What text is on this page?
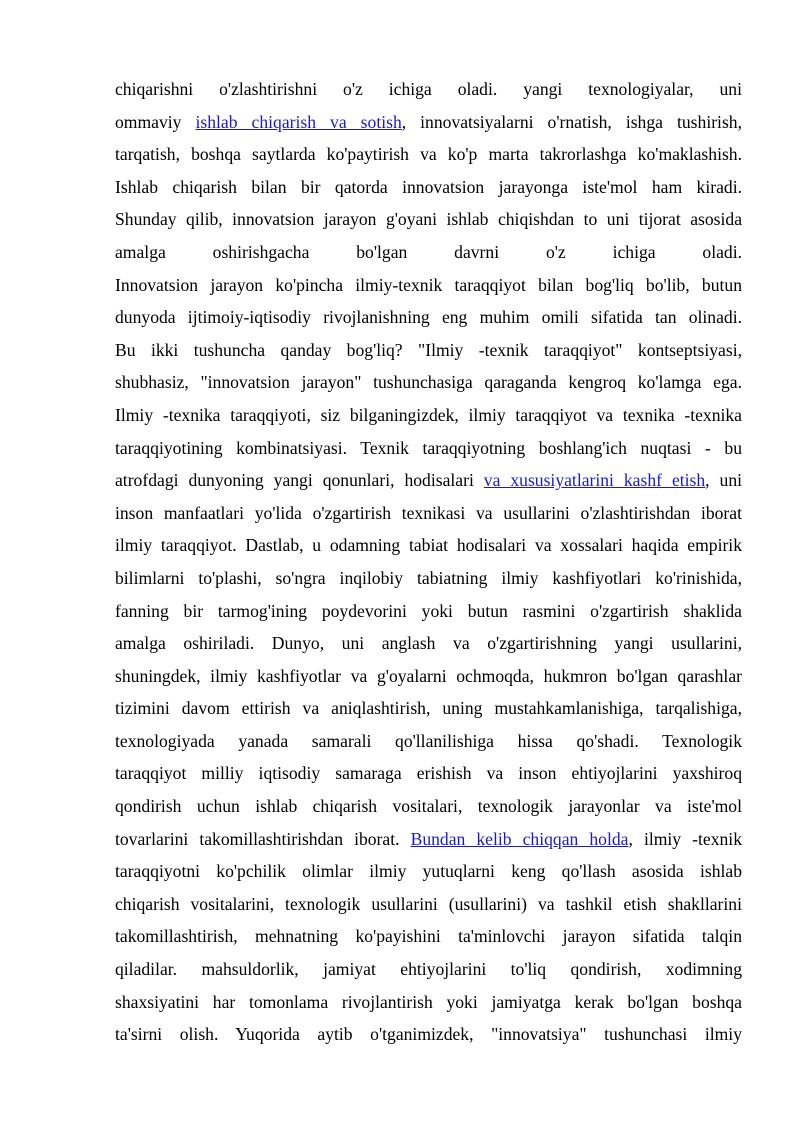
chiqarishni o'zlashtirishni o'z ichiga oladi. yangi texnologiyalar, uni
ommaviy ishlab chiqarish va sotish, innovatsiyalarni o'rnatish, ishga tushirish,
tarqatish, boshqa saytlarda ko'paytirish va ko'p marta takrorlashga ko'maklashish.
Ishlab chiqarish bilan bir qatorda innovatsion jarayonga iste'mol ham kiradi.
Shunday qilib, innovatsion jarayon g'oyani ishlab chiqishdan to uni tijorat asosida
amalga oshirishgacha bo'lgan davrni o'z ichiga oladi.
Innovatsion jarayon ko'pincha ilmiy-texnik taraqqiyot bilan bog'liq bo'lib, butun
dunyoda ijtimoiy-iqtisodiy rivojlanishning eng muhim omili sifatida tan olinadi.
Bu ikki tushuncha qanday bog'liq? "Ilmiy -texnik taraqqiyot" kontseptsiyasi,
shubhasiz, "innovatsion jarayon" tushunchasiga qaraganda kengroq ko'lamga ega.
Ilmiy -texnika taraqqiyoti, siz bilganingizdek, ilmiy taraqqiyot va texnika -texnika
taraqqiyotining kombinatsiyasi. Texnik taraqqiyotning boshlang'ich nuqtasi - bu
atrofdagi dunyoning yangi qonunlari, hodisalari va xususiyatlarini kashf etish, uni
inson manfaatlari yo'lida o'zgartirish texnikasi va usullarini o'zlashtirishdan iborat
ilmiy taraqqiyot. Dastlab, u odamning tabiat hodisalari va xossalari haqida empirik
bilimlarni to'plashi, so'ngra inqilobiy tabiatning ilmiy kashfiyotlari ko'rinishida,
fanning bir tarmog'ining poydevorini yoki butun rasmini o'zgartirish shaklida
amalga oshiriladi. Dunyo, uni anglash va o'zgartirishning yangi usullarini,
shuningdek, ilmiy kashfiyotlar va g'oyalarni ochmoqda, hukmron bo'lgan qarashlar
tizimini davom ettirish va aniqlashtirish, uning mustahkamlanishiga, tarqalishiga,
texnologiyada yanada samarali qo'llanilishiga hissa qo'shadi. Texnologik
taraqqiyot milliy iqtisodiy samaraga erishish va inson ehtiyojlarini yaxshiroq
qondirish uchun ishlab chiqarish vositalari, texnologik jarayonlar va iste'mol
tovarlarini takomillashtirishdan iborat. Bundan kelib chiqqan holda, ilmiy -texnik
taraqqiyotni ko'pchilik olimlar ilmiy yutuqlarni keng qo'llash asosida ishlab
chiqarish vositalarini, texnologik usullarini (usullarini) va tashkil etish shakllarini
takomillashtirish, mehnatning ko'payishini ta'minlovchi jarayon sifatida talqin
qiladilar. mahsuldorlik, jamiyat ehtiyojlarini to'liq qondirish, xodimning
shaxsiyatini har tomonlama rivojlantirish yoki jamiyatga kerak bo'lgan boshqa
ta'sirni olish. Yuqorida aytib o'tganimizdek, "innovatsiya" tushunchasi ilmiy
